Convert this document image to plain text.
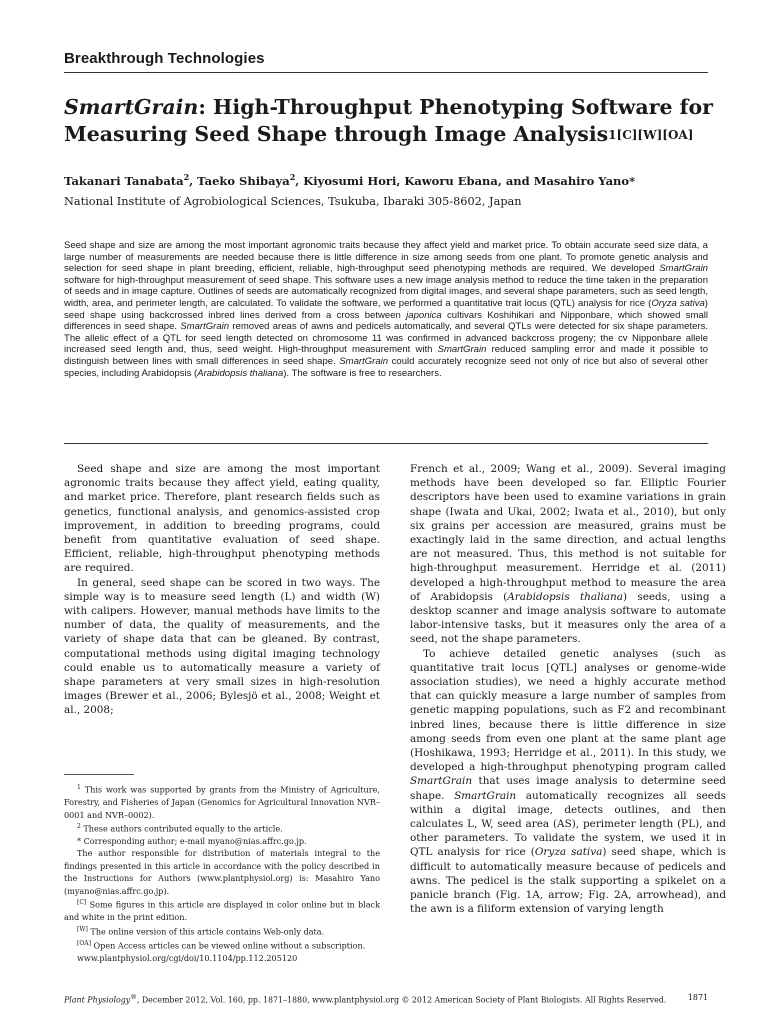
Breakthrough Technologies
SmartGrain: High-Throughput Phenotyping Software for
Measuring Seed Shape through Image Analysis$^{1[C][W][OA]}$
Takanari Tanabata$^2$, Taeko Shibaya$^2$, Kiyosumi Hori, Kaworu Ebana, and Masahiro Yano*
National Institute of Agrobiological Sciences, Tsukuba, Ibaraki 305-8602, Japan
Seed shape and size are among the most important agronomic traits because they affect yield and market price. To obtain accurate seed size data, a large number of measurements are needed because there is little difference in size among seeds from one plant. To promote genetic analysis and selection for seed shape in plant breeding, efficient, reliable, high-throughput seed phenotyping methods are required. We developed SmartGrain software for high-throughput measurement of seed shape. This software uses a new image analysis method to reduce the time taken in the preparation of seeds and in image capture. Outlines of seeds are automatically recognized from digital images, and several shape parameters, such as seed length, width, area, and perimeter length, are calculated. To validate the software, we performed a quantitative trait locus (QTL) analysis for rice (Oryza sativa) seed shape using backcrossed inbred lines derived from a cross between japonica cultivars Koshihikari and Nipponbare, which showed small differences in seed shape. SmartGrain removed areas of awns and pedicels automatically, and several QTLs were detected for six shape parameters. The allelic effect of a QTL for seed length detected on chromosome 11 was confirmed in advanced backcross progeny; the cv Nipponbare allele increased seed length and, thus, seed weight. High-throughput measurement with SmartGrain reduced sampling error and made it possible to distinguish between lines with small differences in seed shape. SmartGrain could accurately recognize seed not only of rice but also of several other species, including Arabidopsis (Arabidopsis thaliana). The software is free to researchers.

Seed shape and size are among the most important agronomic traits because they affect yield, eating quality, and market price. Therefore, plant research fields such as genetics, functional analysis, and genomics-assisted crop improvement, in addition to breeding programs, could benefit from quantitative evaluation of seed shape. Efficient, reliable, high-throughput phenotyping methods are required.

In general, seed shape can be scored in two ways. The simple way is to measure seed length (L) and width (W) with calipers. However, manual methods have limits to the number of data, the quality of measurements, and the variety of shape data that can be gleaned. By contrast, computational methods using digital imaging technology could enable us to automatically measure a variety of shape parameters at very small sizes in high-resolution images (Brewer et al., 2006; Bylesjö et al., 2008; Weight et al., 2008;

$^1$ This work was supported by grants from the Ministry of Agriculture, Forestry, and Fisheries of Japan (Genomics for Agricultural Innovation NVR–0001 and NVR–0002).

$^2$ These authors contributed equally to the article.

* Corresponding author; e-mail myano@nias.affrc.go.jp.

The author responsible for distribution of materials integral to the findings presented in this article in accordance with the policy described in the Instructions for Authors (www.plantphysiol.org) is: Masahiro Yano (myano@nias.affrc.go.jp).

[C] Some figures in this article are displayed in color online but in black and white in the print edition.

[W] The online version of this article contains Web-only data.

[OA] Open Access articles can be viewed online without a subscription.

www.plantphysiol.org/cgi/doi/10.1104/pp.112.205120

French et al., 2009; Wang et al., 2009). Several imaging methods have been developed so far. Elliptic Fourier descriptors have been used to examine variations in grain shape (Iwata and Ukai, 2002; Iwata et al., 2010), but only six grains per accession are measured, grains must be exactingly laid in the same direction, and actual lengths are not measured. Thus, this method is not suitable for high-throughput measurement. Herridge et al. (2011) developed a high-throughput method to measure the area of Arabidopsis (Arabidopsis thaliana) seeds, using a desktop scanner and image analysis software to automate labor-intensive tasks, but it measures only the area of a seed, not the shape parameters.

To achieve detailed genetic analyses (such as quantitative trait locus [QTL] analyses or genome-wide association studies), we need a highly accurate method that can quickly measure a large number of samples from genetic mapping populations, such as F2 and recombinant inbred lines, because there is little difference in size among seeds from even one plant at the same plant age (Hoshikawa, 1993; Herridge et al., 2011). In this study, we developed a high-throughput phenotyping program called SmartGrain that uses image analysis to determine seed shape. SmartGrain automatically recognizes all seeds within a digital image, detects outlines, and then calculates L, W, seed area (AS), perimeter length (PL), and other parameters. To validate the system, we used it in QTL analysis for rice (Oryza sativa) seed shape, which is difficult to automatically measure because of pedicels and awns. The pedicel is the stalk supporting a spikelet on a panicle branch (Fig. 1A, arrow; Fig. 2A, arrowhead), and the awn is a filiform extension of varying length

Plant Physiology®, December 2012, Vol. 160, pp. 1871–1880, www.plantphysiol.org © 2012 American Society of Plant Biologists. All Rights Reserved.	1871
